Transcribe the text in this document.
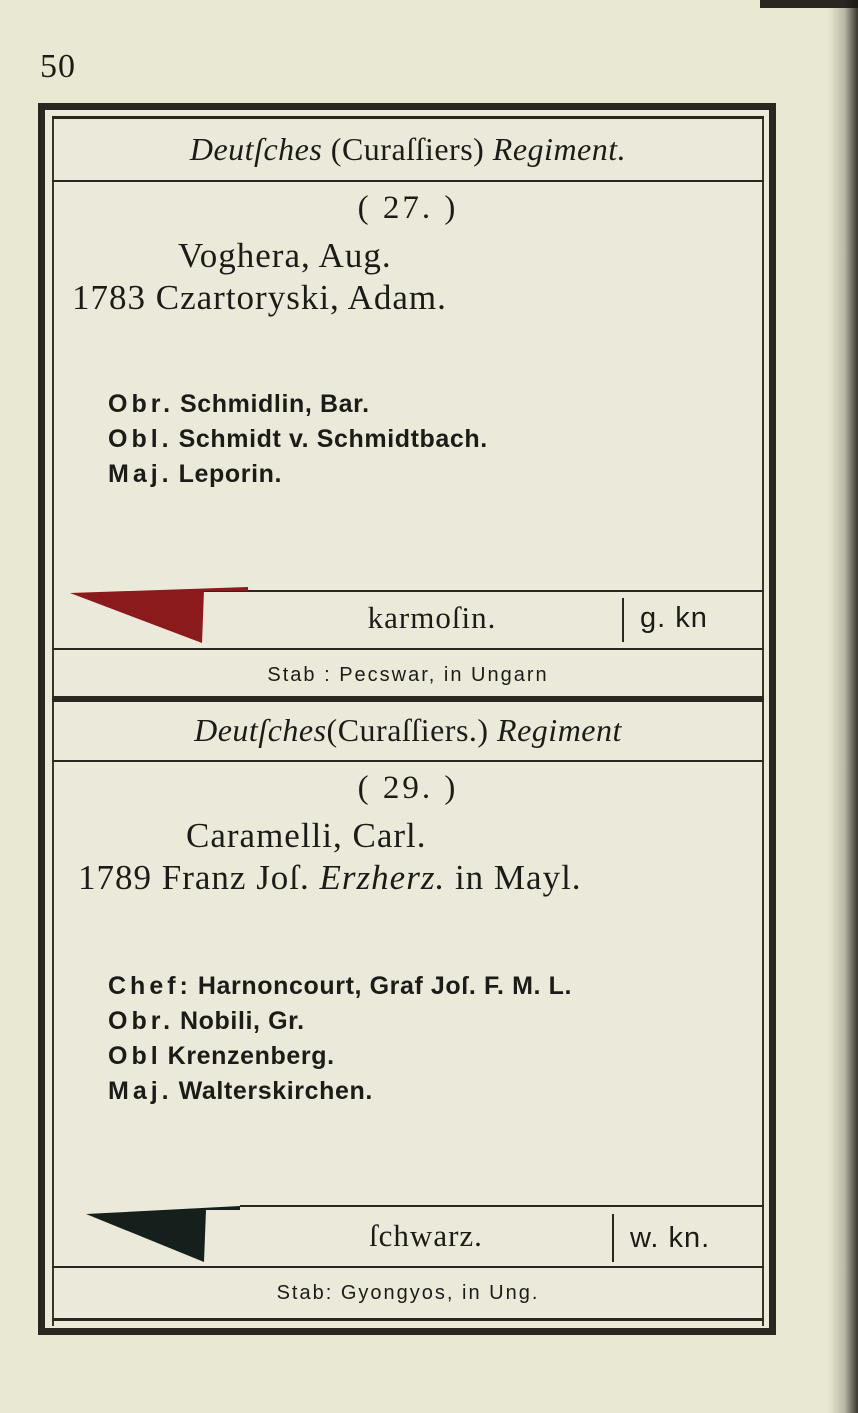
50
Deutſches (Curaſſiers) Regiment.
( 27. )
Voghera, Aug.
1783 Czartoryski, Adam.
Obr. Schmidlin, Bar.
Obl. Schmidt v. Schmidtbach.
Maj. Leporin.
karmoſin.	g. kn
Stab : Pecswar, in Ungarn
Deutſches(Curaſſiers.) Regiment
( 29. )
Caramelli, Carl.
1789 Franz Joſ. Erzherz. in Mayl.
Chef: Harnoncourt, Graf Joſ. F. M. L.
Obr. Nobili, Gr.
Obl Krenzenberg.
Maj. Walterskirchen.
ſchwarz.	w. kn.
Stab: Gyongyos, in Ung.
